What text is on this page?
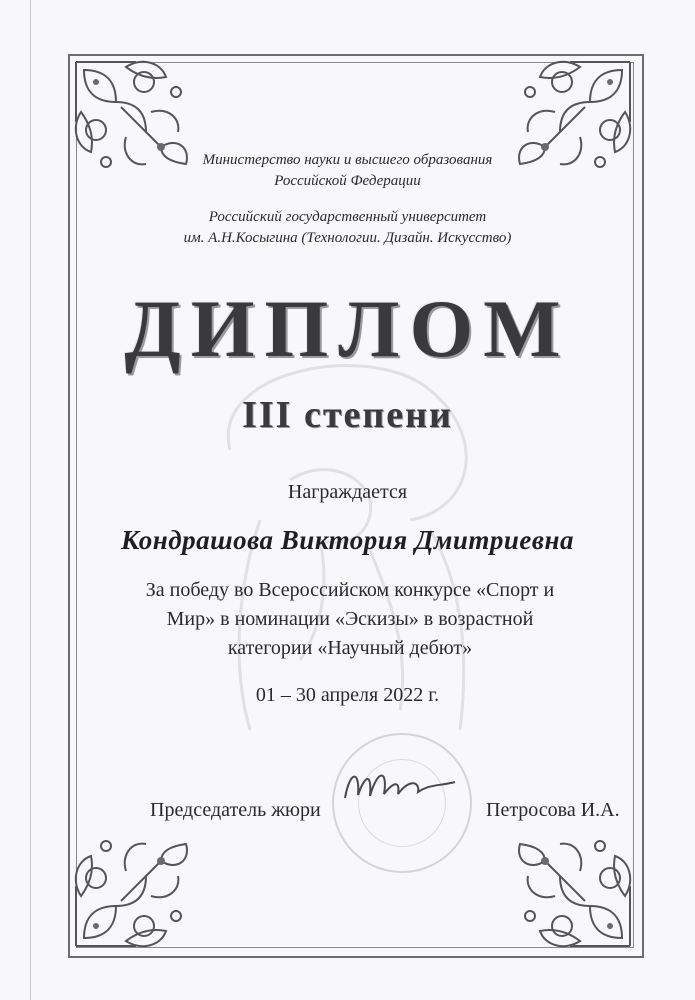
Министерство науки и высшего образования
Российской Федерации
Российский государственный университет
им. А.Н.Косыгина (Технологии. Дизайн. Искусство)
ДИПЛОМ
III степени
Награждается
Кондрашова Виктория Дмитриевна
За победу во Всероссийском конкурсе «Спорт и Мир» в номинации «Эскизы» в возрастной категории «Научный дебют»
01 – 30 апреля 2022 г.
Председатель жюри	Петросова И.А.
